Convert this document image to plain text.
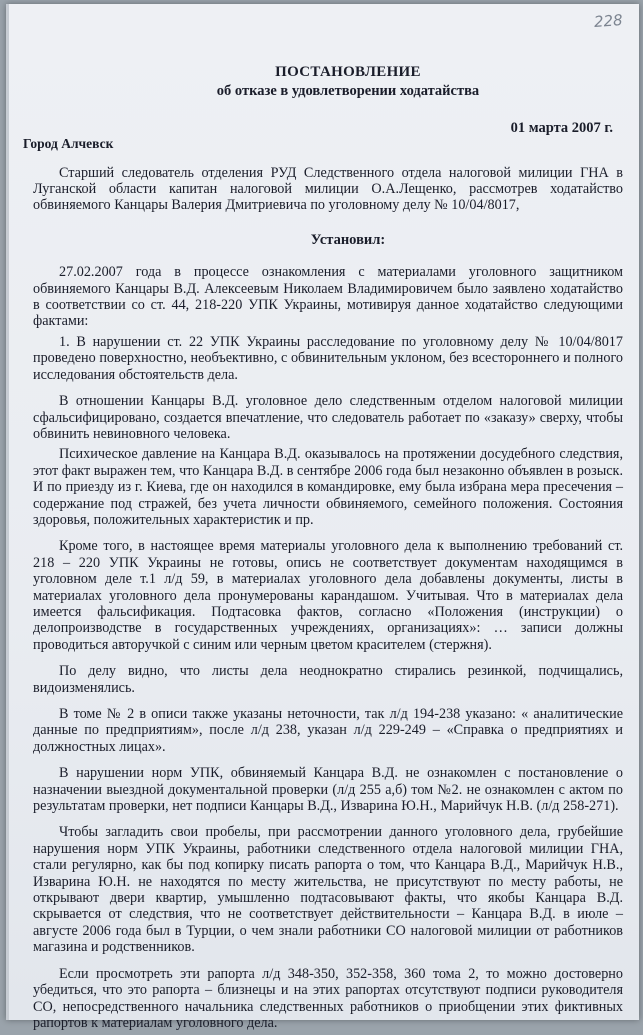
228
ПОСТАНОВЛЕНИЕ
об отказе в удовлетворении ходатайства
01 марта 2007 г.
Город Алчевск
Старший следователь отделения РУД Следственного отдела налоговой милиции ГНА в Луганской области капитан налоговой милиции О.А.Лещенко, рассмотрев ходатайство обвиняемого Канцары Валерия Дмитриевича по уголовному делу № 10/04/8017,
Установил:
27.02.2007 года в процессе ознакомления с материалами уголовного защитником обвиняемого Канцары В.Д. Алексеевым Николаем Владимировичем было заявлено ходатайство в соответствии со ст. 44, 218-220 УПК Украины, мотивируя данное ходатайство следующими фактами:
1. В нарушении ст. 22 УПК Украины расследование по уголовному делу № 10/04/8017 проведено поверхностно, необъективно, с обвинительным уклоном, без всестороннего и полного исследования обстоятельств дела.
В отношении Канцары В.Д. уголовное дело следственным отделом налоговой милиции сфальсифицировано, создается впечатление, что следователь работает по «заказу» сверху, чтобы обвинить невиновного человека.
Психическое давление на Канцара В.Д. оказывалось на протяжении досудебного следствия, этот факт выражен тем, что Канцара В.Д. в сентябре 2006 года был незаконно объявлен в розыск. И по приезду из г. Киева, где он находился в командировке, ему была избрана мера пресечения – содержание под стражей, без учета личности обвиняемого, семейного положения. Состояния здоровья, положительных характеристик и пр.
Кроме того, в настоящее время материалы уголовного дела к выполнению требований ст. 218 – 220 УПК Украины не готовы, опись не соответствует документам находящимся в уголовном деле т.1 л/д 59, в материалах уголовного дела добавлены документы, листы в материалах уголовного дела пронумерованы карандашом. Учитывая. Что в материалах дела имеется фальсификация. Подтасовка фактов, согласно «Положения (инструкции) о делопроизводстве в государственных учреждениях, организациях»: … записи должны проводиться авторучкой с синим или черным цветом красителем (стержня).
По делу видно, что листы дела неоднократно стирались резинкой, подчищались, видоизменялись.
В томе № 2 в описи также указаны неточности, так л/д 194-238 указано: « аналитические данные по предприятиям», после л/д 238, указан л/д 229-249 – «Справка о предприятиях и должностных лицах».
В нарушении норм УПК, обвиняемый Канцара В.Д. не ознакомлен с постановление о назначении выездной документальной проверки (л/д 255 а,б) том №2. не ознакомлен с актом по результатам проверки, нет подписи Канцары В.Д., Изварина Ю.Н., Марийчук Н.В. (л/д 258-271).
Чтобы загладить свои пробелы, при рассмотрении данного уголовного дела, грубейшие нарушения норм УПК Украины, работники следственного отдела налоговой милиции ГНА, стали регулярно, как бы под копирку писать рапорта о том, что Канцара В.Д., Марийчук Н.В., Изварина Ю.Н. не находятся по месту жительства, не присутствуют по месту работы, не открывают двери квартир, умышленно подтасовывают факты, что якобы Канцара В.Д. скрывается от следствия, что не соответствует действительности – Канцара В.Д. в июле – августе 2006 года был в Турции, о чем знали работники СО налоговой милиции от работников магазина и родственников.
Если просмотреть эти рапорта л/д 348-350, 352-358, 360 тома 2, то можно достоверно убедиться, что это рапорта – близнецы и на этих рапортах отсутствуют подписи руководителя СО, непосредственного начальника следственных работников о приобщении этих фиктивных рапортов к материалам уголовного дела.
